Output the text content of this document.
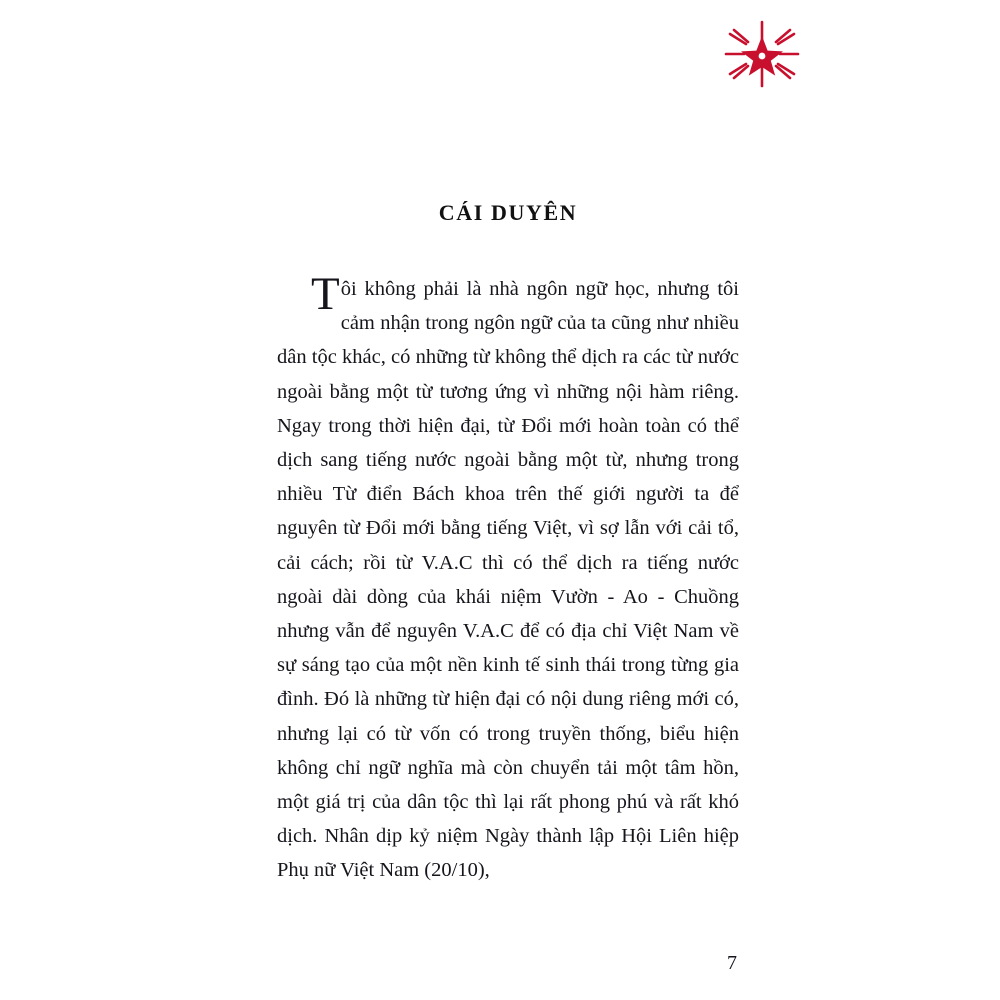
CÁI DUYÊN

Tôi không phải là nhà ngôn ngữ học, nhưng tôi cảm nhận trong ngôn ngữ của ta cũng như nhiều dân tộc khác, có những từ không thể dịch ra các từ nước ngoài bằng một từ tương ứng vì những nội hàm riêng. Ngay trong thời hiện đại, từ Đổi mới hoàn toàn có thể dịch sang tiếng nước ngoài bằng một từ, nhưng trong nhiều Từ điển Bách khoa trên thế giới người ta để nguyên từ Đổi mới bằng tiếng Việt, vì sợ lẫn với cải tổ, cải cách; rồi từ V.A.C thì có thể dịch ra tiếng nước ngoài dài dòng của khái niệm Vườn - Ao - Chuồng nhưng vẫn để nguyên V.A.C để có địa chỉ Việt Nam về sự sáng tạo của một nền kinh tế sinh thái trong từng gia đình. Đó là những từ hiện đại có nội dung riêng mới có, nhưng lại có từ vốn có trong truyền thống, biểu hiện không chỉ ngữ nghĩa mà còn chuyển tải một tâm hồn, một giá trị của dân tộc thì lại rất phong phú và rất khó dịch. Nhân dịp kỷ niệm Ngày thành lập Hội Liên hiệp Phụ nữ Việt Nam (20/10),

7
